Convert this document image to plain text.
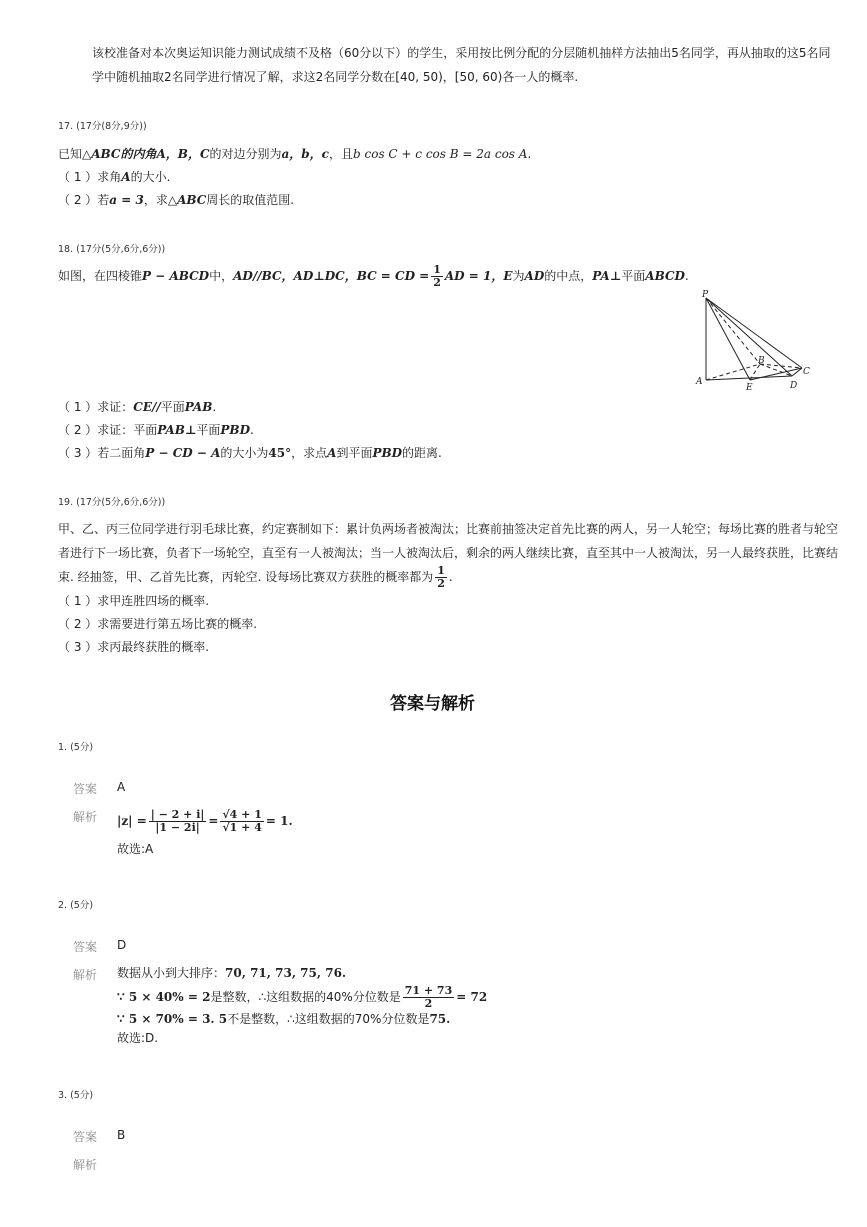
该校准备对本次奥运知识能力测试成绩不及格（60分以下）的学生，采用按比例分配的分层随机抽样方法抽出5名同学，再从抽取的这5名同
学中随机抽取2名同学进行情况了解，求这2名同学分数在[40, 50)，[50, 60)各一人的概率.
17. (17分(8分,9分))
已知△ABC的内角A，B，C的对边分别为a，b，c，且b cos C + c cos B = 2a cos A.
（ 1 ）求角A的大小.
（ 2 ）若a = 3，求△ABC周长的取值范围.
18. (17分(5分,6分,6分))
如图，在四棱锥P − ABCD中，AD//BC，AD⊥DC，BC = CD = $\frac{1}{2}$ AD = 1，E为AD的中点，PA⊥平面ABCD.
P
A
B
C
D
E
（ 1 ）求证：CE//平面PAB.
（ 2 ）求证：平面PAB⊥平面PBD.
（ 3 ）若二面角P − CD − A的大小为45°，求点A到平面PBD的距离.
19. (17分(5分,6分,6分))
甲、乙、丙三位同学进行羽毛球比赛，约定赛制如下：累计负两场者被淘汰；比赛前抽签决定首先比赛的两人，另一人轮空；每场比赛的胜者与轮空
者进行下一场比赛，负者下一场轮空，直至有一人被淘汰；当一人被淘汰后，剩余的两人继续比赛，直至其中一人被淘汰，另一人最终获胜，比赛结
束. 经抽签，甲、乙首先比赛，丙轮空. 设每场比赛双方获胜的概率都为 $\frac{1}{2}$ .
（ 1 ）求甲连胜四场的概率.
（ 2 ）求需要进行第五场比赛的概率.
（ 3 ）求丙最终获胜的概率.
答案与解析
1. (5分)
答案 A
解析 $|z| = \frac{| - 2 + i|}{|1 - 2i|} = \frac{√4 + 1}{√1 + 4} = 1$.
故选:A
2. (5分)
答案 D
解析 数据从小到大排序：70, 71, 73, 75, 76.
∵ 5 × 40% = 2是整数，∴这组数据的40%分位数是 $\frac{71 + 73}{2} = 72$
∵ 5 × 70% = 3. 5不是整数，∴这组数据的70%分位数是75.
故选:D.
3. (5分)
答案 B
解析
